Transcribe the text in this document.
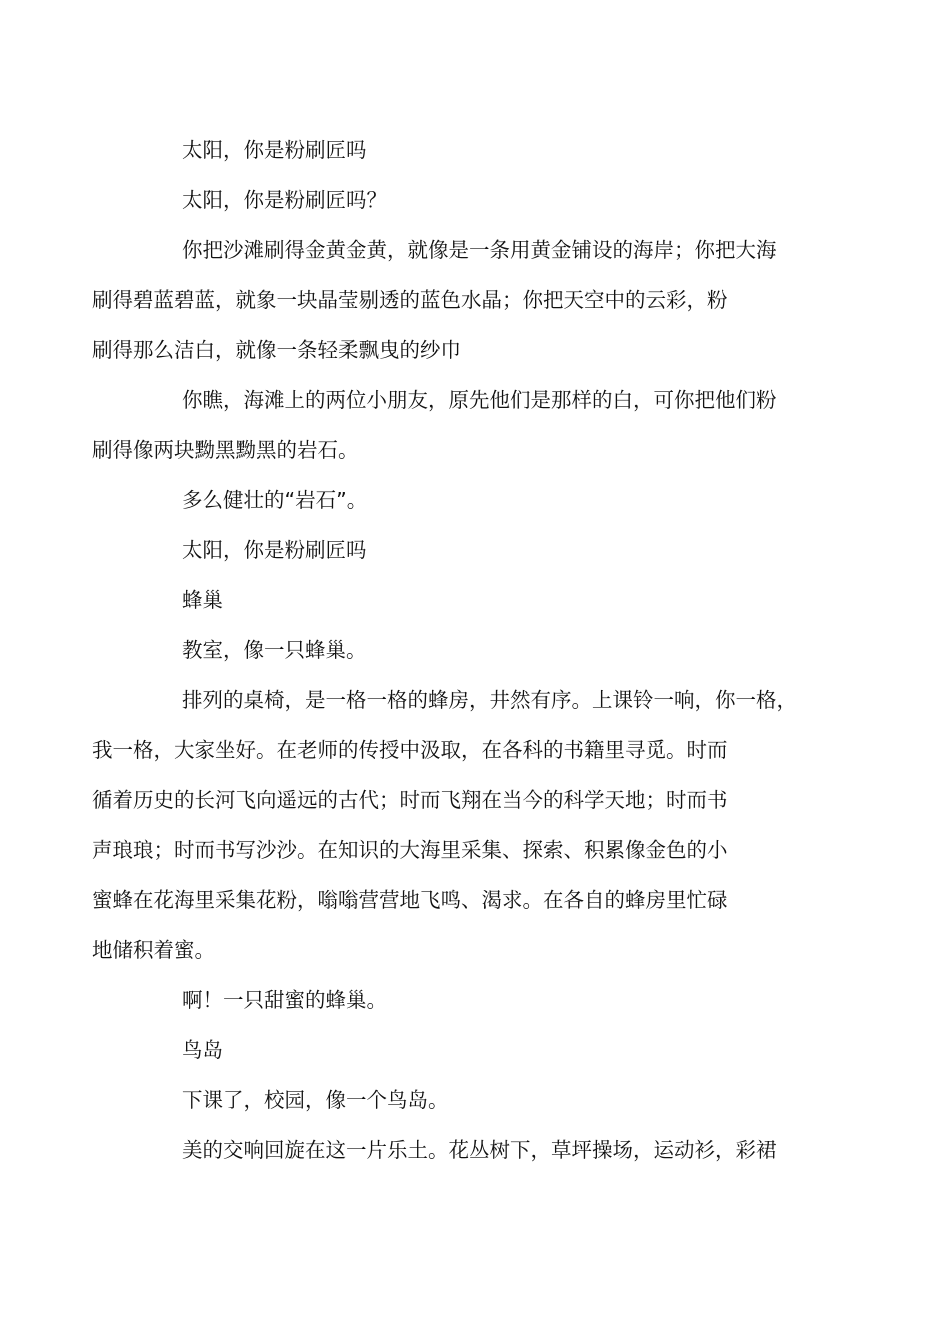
太阳，你是粉刷匠吗

太阳，你是粉刷匠吗？

你把沙滩刷得金黄金黄，就像是一条用黄金铺设的海岸；你把大海
刷得碧蓝碧蓝，就象一块晶莹剔透的蓝色水晶；你把天空中的云彩，粉
刷得那么洁白，就像一条轻柔飘曳的纱巾

你瞧，海滩上的两位小朋友，原先他们是那样的白，可你把他们粉
刷得像两块黝黑黝黑的岩石。

多么健壮的“岩石”。

太阳，你是粉刷匠吗

蜂巢

教室，像一只蜂巢。

排列的桌椅，是一格一格的蜂房，井然有序。上课铃一响，你一格，
我一格，大家坐好。在老师的传授中汲取，在各科的书籍里寻觅。时而
循着历史的长河飞向遥远的古代；时而飞翔在当今的科学天地；时而书
声琅琅；时而书写沙沙。在知识的大海里采集、探索、积累像金色的小
蜜蜂在花海里采集花粉，嗡嗡营营地飞鸣、渴求。在各自的蜂房里忙碌
地储积着蜜。

啊！一只甜蜜的蜂巢。

鸟岛

下课了，校园，像一个鸟岛。

美的交响回旋在这一片乐土。花丛树下，草坪操场，运动衫，彩裙
